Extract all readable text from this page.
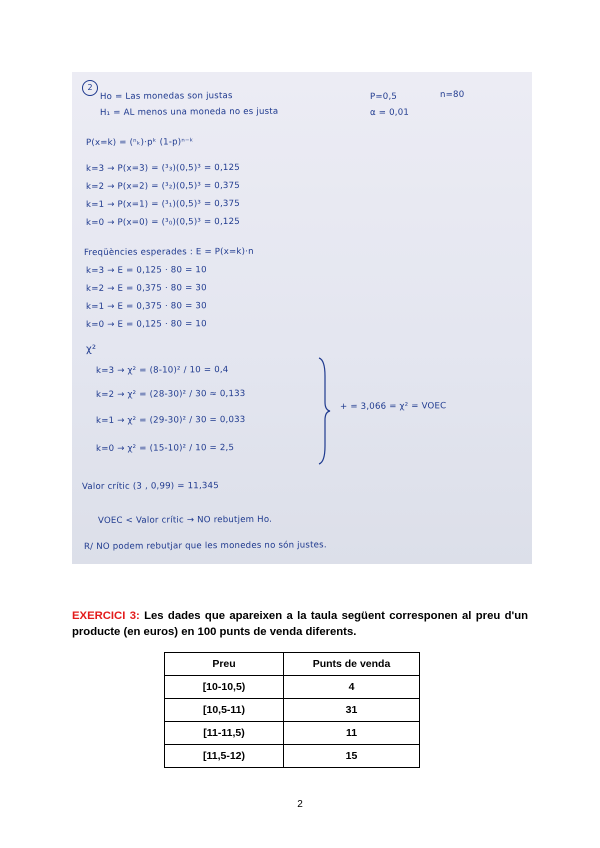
2
Ho = Las monedas son justas
H₁ = AL menos una moneda no es justa
P=0,5	n=80
α = 0,01
P(x=k) = (ⁿₖ)·pᵏ (1-p)ⁿ⁻ᵏ
k=3 → P(x=3) = (³₃)(0,5)³ = 0,125
k=2 → P(x=2) = (³₂)(0,5)³ = 0,375
k=1 → P(x=1) = (³₁)(0,5)³ = 0,375
k=0 → P(x=0) = (³₀)(0,5)³ = 0,125
Freqüències esperades : E = P(x=k)·n
k=3 → E = 0,125 · 80 = 10
k=2 → E = 0,375 · 80 = 30
k=1 → E = 0,375 · 80 = 30
k=0 → E = 0,125 · 80 = 10
χ²
k=3 → χ² = (8-10)² / 10 = 0,4
k=2 → χ² = (28-30)² / 30 ≈ 0,133
k=1 → χ² = (29-30)² / 30 = 0,033
k=0 → χ² = (15-10)² / 10 = 2,5
+ = 3,066 = χ² = VOEC
Valor crític (3 , 0,99) = 11,345
VOEC < Valor crític → NO rebutjem Ho.
R/ NO podem rebutjar que les monedes no són justes.
EXERCICI 3: Les dades que apareixen a la taula següent corresponen al preu d'un producte (en euros) en 100 punts de venda diferents.
Preu	Punts de venda
[10-10,5)	4
[10,5-11)	31
[11-11,5)	11
[11,5-12)	15
2
